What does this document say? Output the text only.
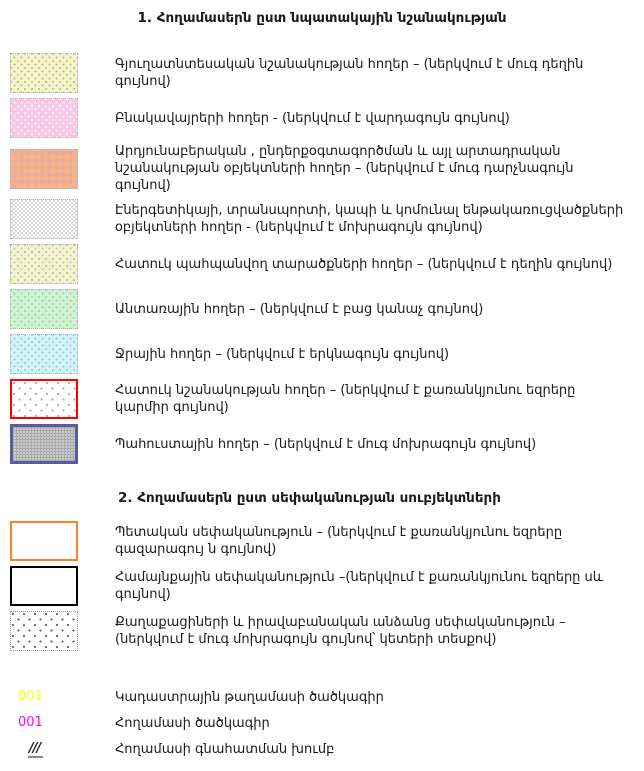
1. Հողամասերն ըստ նպատակային նշանակության
Գյուղատնտեսական նշանակության հողեր – (ներկվում է մուգ դեղին գույնով)
Բնակավայրերի հողեր - (ներկվում է վարդագույն գույնով)
Արդյունաբերական , ընդերքօգտագործման և այլ արտադրական նշանակության օբյեկտների հողեր – (ներկվում է մուգ դարչնագույն գույնով)
Էներգետիկայի, տրանսպորտի, կապի և կոմունալ ենթակառուցվածքների օբյեկտների հողեր - (ներկվում է մոխրագույն գույնով)
Հատուկ պահպանվող տարածքների հողեր – (ներկվում է դեղին գույնով)
Անտառային հողեր – (ներկվում է բաց կանաչ գույնով)
Ջրային հողեր – (ներկվում է երկնագույն գույնով)
Հատուկ նշանակության հողեր – (ներկվում է քառանկյունու եզրերը կարմիր գույնով)
Պահուստային հողեր – (ներկվում է մուգ մոխրագույն գույնով)
2. Հողամասերն ըստ սեփականության սուբյեկտների
Պետական սեփականություն – (ներկվում է քառանկյունու եզրերը գազարագույ ն գույնով)
Համայնքային սեփականություն –(ներկվում է քառանկյունու եզրերը սև գույնով)
Քաղաքացիների և իրավաբանական անձանց սեփականություն – (ներկվում է մուգ մոխրագույն գույնով՝ կետերի տեսքով)
001	Կադաստրային թաղամասի ծածկագիր
001	Հողամասի ծածկագիր
///	Հողամասի գնահատման խումբ
